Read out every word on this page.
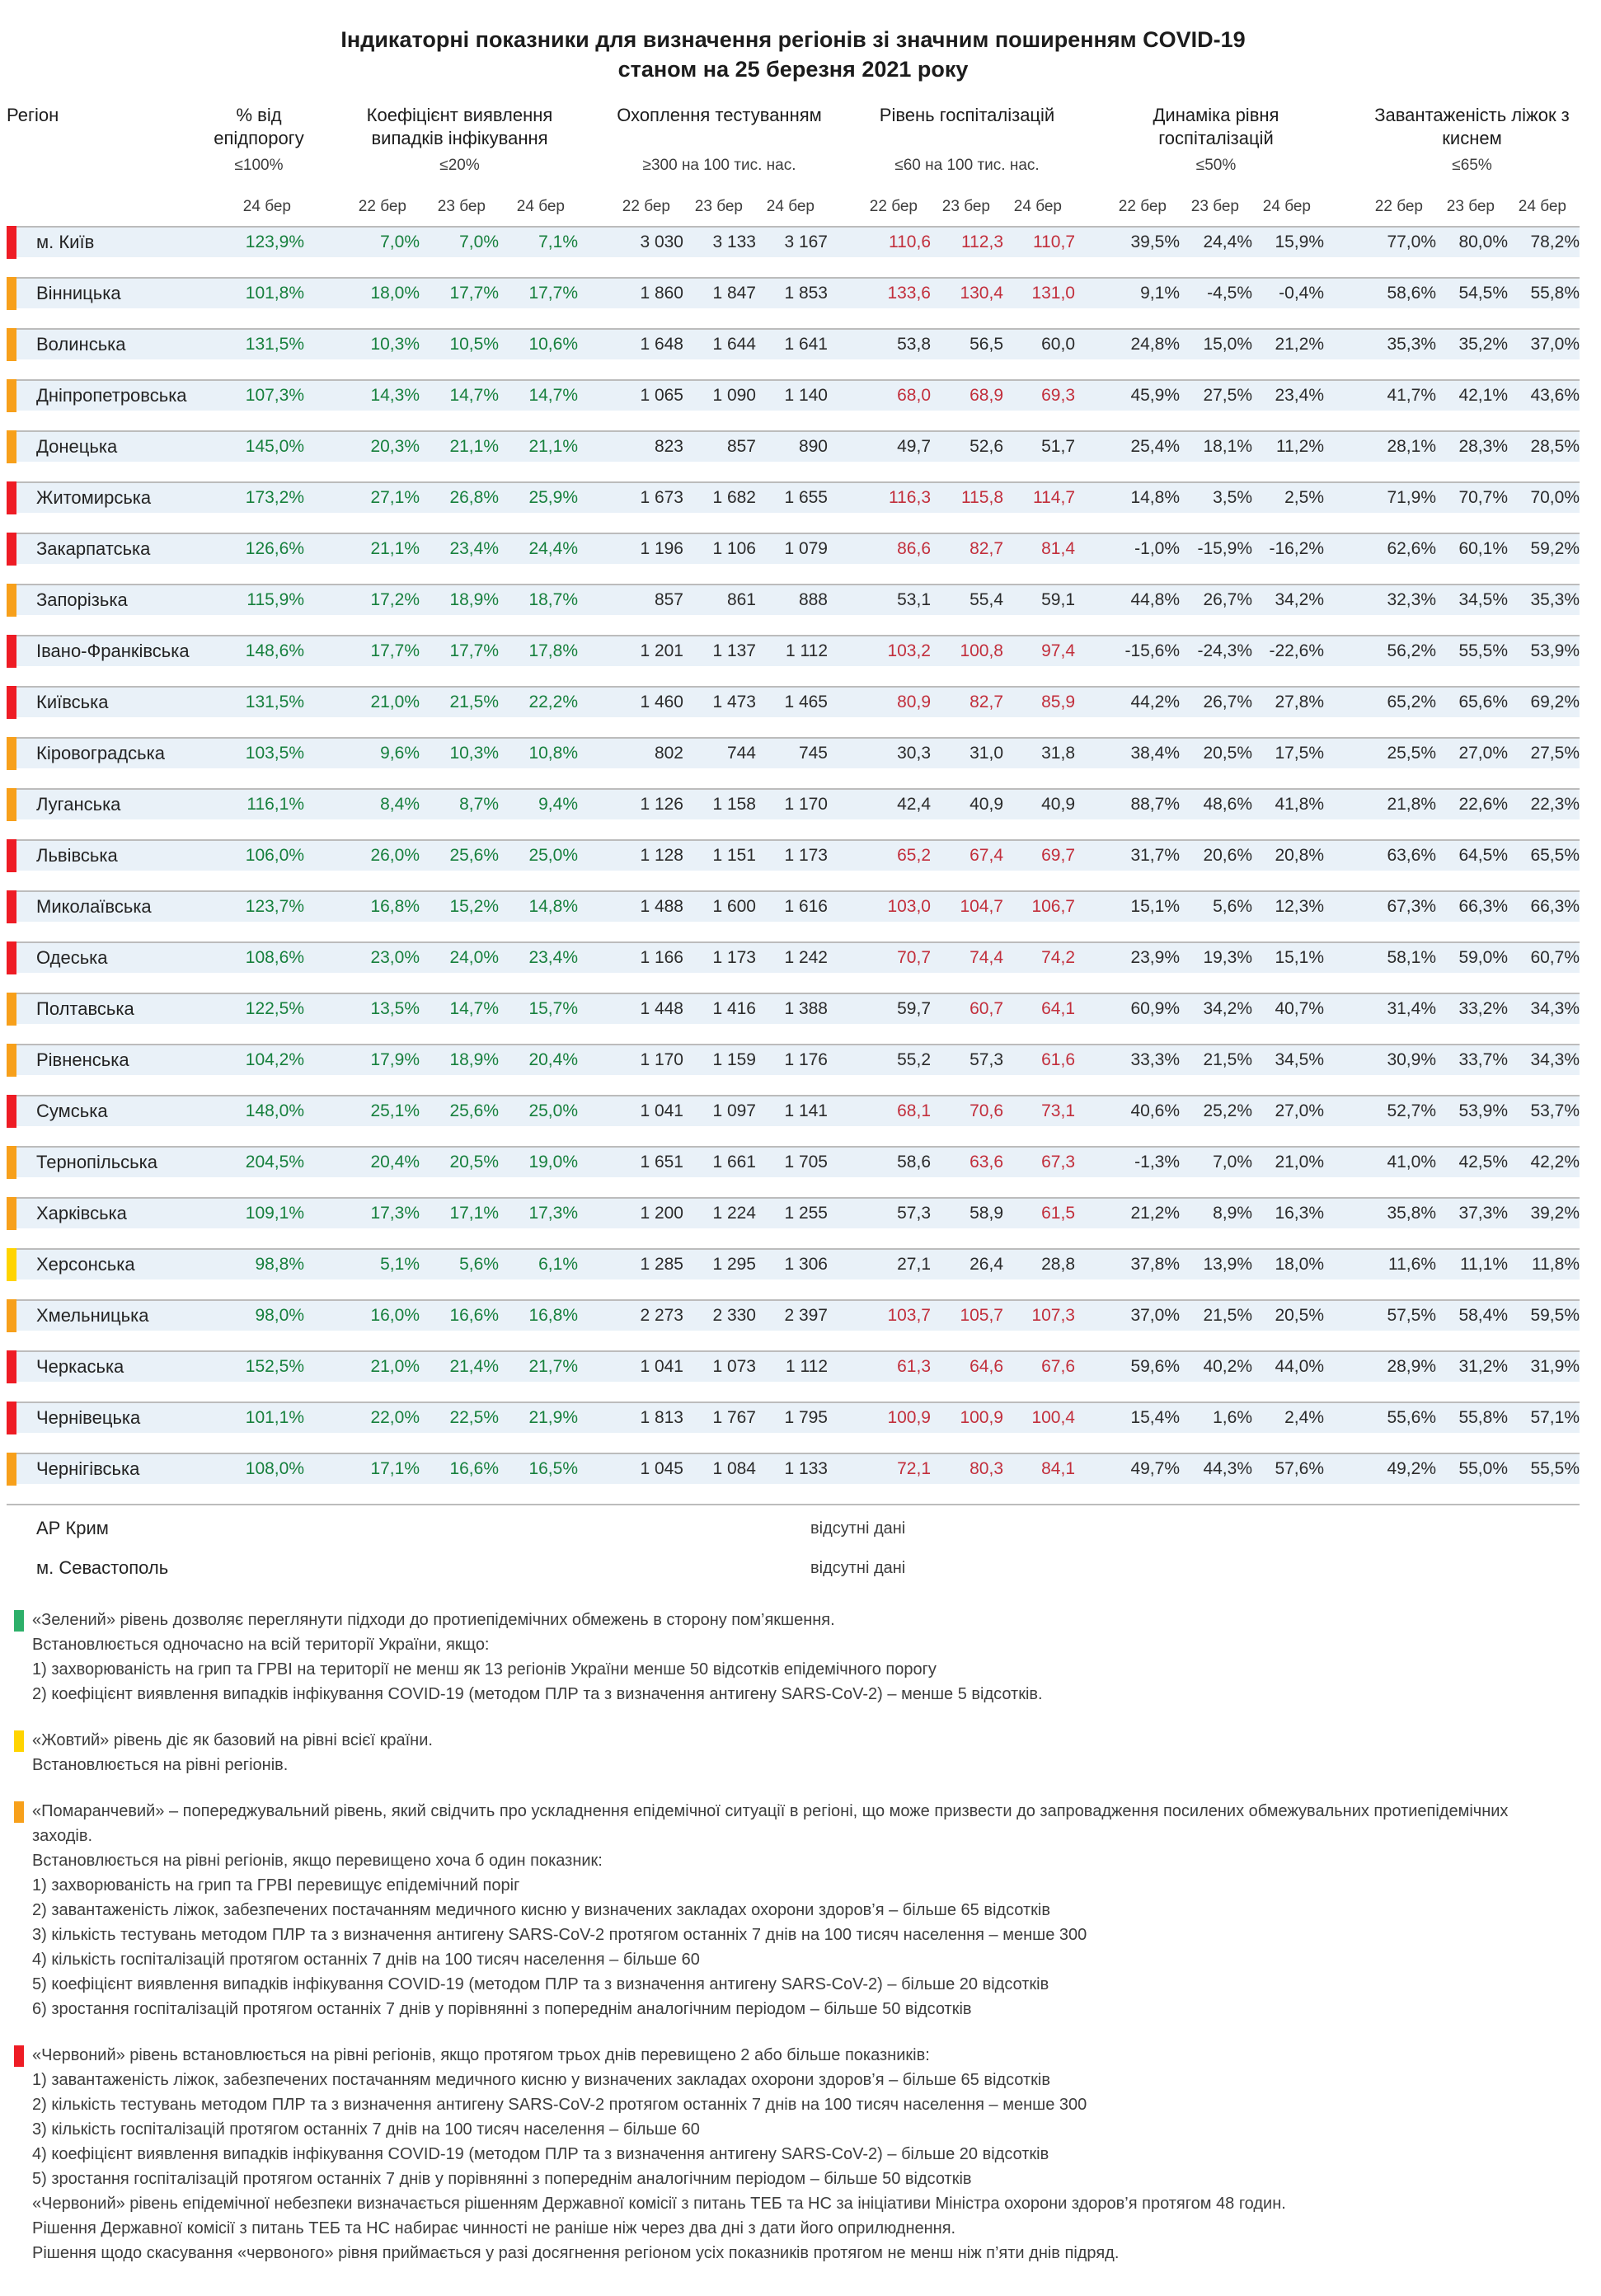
Індикаторні показники для визначення регіонів зі значним поширенням COVID-19
станом на 25 березня 2021 року
Регіон	% від епідпорогу
Коефіцієнт виявлення випадків інфікування
Охоплення тестуванням	Рівень госпіталізацій	Динаміка рівня госпіталізацій
Завантаженість ліжок з киснем
≤100%	≤20%	≥300 на 100 тис. нас.	≤60 на 100 тис. нас.	≤50%	≤65%
24 бер	22 бер	23 бер	24 бер	22 бер	23 бер	24 бер	22 бер	23 бер	24 бер	22 бер	23 бер	24 бер	22 бер	23 бер	24 бер
м. Київ	123,9%	7,0%	7,0%	7,1%	3 030	3 133	3 167	110,6	112,3	110,7	39,5%	24,4%	15,9%	77,0%	80,0%	78,2%
Вінницька	101,8%	18,0%	17,7%	17,7%	1 860	1 847	1 853	133,6	130,4	131,0	9,1%	-4,5%	-0,4%	58,6%	54,5%	55,8%
Волинська	131,5%	10,3%	10,5%	10,6%	1 648	1 644	1 641	53,8	56,5	60,0	24,8%	15,0%	21,2%	35,3%	35,2%	37,0%
Дніпропетровська	107,3%	14,3%	14,7%	14,7%	1 065	1 090	1 140	68,0	68,9	69,3	45,9%	27,5%	23,4%	41,7%	42,1%	43,6%
Донецька	145,0%	20,3%	21,1%	21,1%	823	857	890	49,7	52,6	51,7	25,4%	18,1%	11,2%	28,1%	28,3%	28,5%
Житомирська	173,2%	27,1%	26,8%	25,9%	1 673	1 682	1 655	116,3	115,8	114,7	14,8%	3,5%	2,5%	71,9%	70,7%	70,0%
Закарпатська	126,6%	21,1%	23,4%	24,4%	1 196	1 106	1 079	86,6	82,7	81,4	-1,0%	-15,9% -16,2%	62,6%	60,1%	59,2%
Запорізька	115,9%	17,2%	18,9%	18,7%	857	861	888	53,1	55,4	59,1	44,8%	26,7%	34,2%	32,3%	34,5%	35,3%
Івано-Франківська	148,6%	17,7%	17,7%	17,8%	1 201	1 137	1 112	103,2	100,8	97,4	-15,6%	-24,3% -22,6%	56,2%	55,5%	53,9%
Київська	131,5%	21,0%	21,5%	22,2%	1 460	1 473	1 465	80,9	82,7	85,9	44,2%	26,7%	27,8%	65,2%	65,6%	69,2%
Кіровоградська	103,5%	9,6%	10,3%	10,8%	802	744	745	30,3	31,0	31,8	38,4%	20,5%	17,5%	25,5%	27,0%	27,5%
Луганська	116,1%	8,4%	8,7%	9,4%	1 126	1 158	1 170	42,4	40,9	40,9	88,7%	48,6%	41,8%	21,8%	22,6%	22,3%
Львівська	106,0%	26,0%	25,6%	25,0%	1 128	1 151	1 173	65,2	67,4	69,7	31,7%	20,6%	20,8%	63,6%	64,5%	65,5%
Миколаївська	123,7%	16,8%	15,2%	14,8%	1 488	1 600	1 616	103,0	104,7	106,7	15,1%	5,6%	12,3%	67,3%	66,3%	66,3%
Одеська	108,6%	23,0%	24,0%	23,4%	1 166	1 173	1 242	70,7	74,4	74,2	23,9%	19,3%	15,1%	58,1%	59,0%	60,7%
Полтавська	122,5%	13,5%	14,7%	15,7%	1 448	1 416	1 388	59,7	60,7	64,1	60,9%	34,2%	40,7%	31,4%	33,2%	34,3%
Рівненська	104,2%	17,9%	18,9%	20,4%	1 170	1 159	1 176	55,2	57,3	61,6	33,3%	21,5%	34,5%	30,9%	33,7%	34,3%
Сумська	148,0%	25,1%	25,6%	25,0%	1 041	1 097	1 141	68,1	70,6	73,1	40,6%	25,2%	27,0%	52,7%	53,9%	53,7%
Тернопільська	204,5%	20,4%	20,5%	19,0%	1 651	1 661	1 705	58,6	63,6	67,3	-1,3%	7,0%	21,0%	41,0%	42,5%	42,2%
Харківська	109,1%	17,3%	17,1%	17,3%	1 200	1 224	1 255	57,3	58,9	61,5	21,2%	8,9%	16,3%	35,8%	37,3%	39,2%
Херсонська	98,8%	5,1%	5,6%	6,1%	1 285	1 295	1 306	27,1	26,4	28,8	37,8%	13,9%	18,0%	11,6%	11,1%	11,8%
Хмельницька	98,0%	16,0%	16,6%	16,8%	2 273	2 330	2 397	103,7	105,7	107,3	37,0%	21,5%	20,5%	57,5%	58,4%	59,5%
Черкаська	152,5%	21,0%	21,4%	21,7%	1 041	1 073	1 112	61,3	64,6	67,6	59,6%	40,2%	44,0%	28,9%	31,2%	31,9%
Чернівецька	101,1%	22,0%	22,5%	21,9%	1 813	1 767	1 795	100,9	100,9	100,4	15,4%	1,6%	2,4%	55,6%	55,8%	57,1%
Чернігівська	108,0%	17,1%	16,6%	16,5%	1 045	1 084	1 133	72,1	80,3	84,1	49,7%	44,3%	57,6%	49,2%	55,0%	55,5%
АР Крим	відсутні дані
м. Севастополь	відсутні дані
«Зелений» рівень дозволяє переглянути підходи до протиепідемічних обмежень в сторону пом’якшення.
Встановлюється одночасно на всій території України, якщо:
1) захворюваність на грип та ГРВІ на території не менш як 13 регіонів України менше 50 відсотків епідемічного порогу
2) коефіцієнт виявлення випадків інфікування COVID-19 (методом ПЛР та з визначення антигену SARS-CoV-2) – менше 5 відсотків.
«Жовтий» рівень діє як базовий на рівні всієї країни.
Встановлюється на рівні регіонів.
«Помаранчевий» – попереджувальний рівень, який свідчить про ускладнення епідемічної ситуації в регіоні, що може призвести до запровадження посилених обмежувальних протиепідемічних заходів.
Встановлюється на рівні регіонів, якщо перевищено хоча б один показник:
1) захворюваність на грип та ГРВІ перевищує епідемічний поріг
2) завантаженість ліжок, забезпечених постачанням медичного кисню у визначених закладах охорони здоров’я – більше 65 відсотків
3) кількість тестувань методом ПЛР та з визначення антигену SARS-CoV-2 протягом останніх 7 днів на 100 тисяч населення – менше 300
4) кількість госпіталізацій протягом останніх 7 днів на 100 тисяч населення – більше 60
5) коефіцієнт виявлення випадків інфікування COVID-19 (методом ПЛР та з визначення антигену SARS-CoV-2) – більше 20 відсотків
6) зростання госпіталізацій протягом останніх 7 днів у порівнянні з попереднім аналогічним періодом – більше 50 відсотків
«Червоний» рівень встановлюється на рівні регіонів, якщо протягом трьох днів перевищено 2 або більше показників:
1) завантаженість ліжок, забезпечених постачанням медичного кисню у визначених закладах охорони здоров’я – більше 65 відсотків
2) кількість тестувань методом ПЛР та з визначення антигену SARS-CoV-2 протягом останніх 7 днів на 100 тисяч населення – менше 300
3) кількість госпіталізацій протягом останніх 7 днів на 100 тисяч населення – більше 60
4) коефіцієнт виявлення випадків інфікування COVID-19 (методом ПЛР та з визначення антигену SARS-CoV-2) – більше 20 відсотків
5) зростання госпіталізацій протягом останніх 7 днів у порівнянні з попереднім аналогічним періодом – більше 50 відсотків
«Червоний» рівень епідемічної небезпеки визначається рішенням Державної комісії з питань ТЕБ та НС за ініціативи Міністра охорони здоров’я протягом 48 годин.
Рішення Державної комісії з питань ТЕБ та НС набирає чинності не раніше ніж через два дні з дати його оприлюднення.
Рішення щодо скасування «червоного» рівня приймається у разі досягнення регіоном усіх показників протягом не менш ніж п’яти днів підряд.
